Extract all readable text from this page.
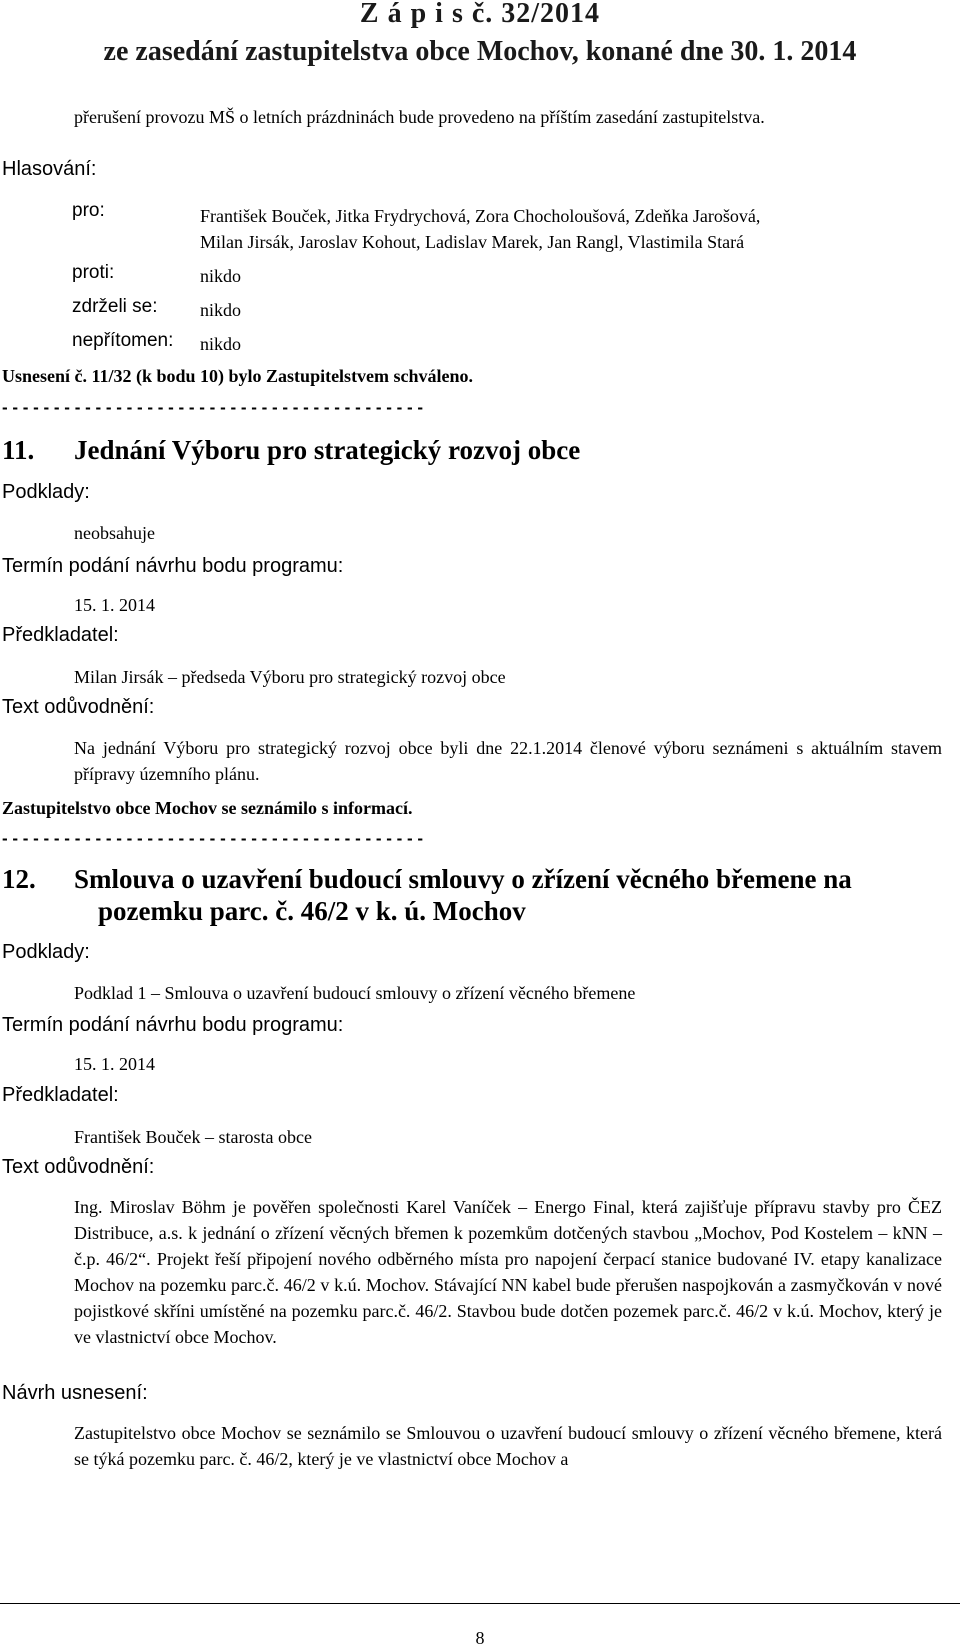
Z á p i s č. 32/2014
ze zasedání zastupitelstva obce Mochov, konané dne 30. 1. 2014
přerušení provozu MŠ o letních prázdninách bude provedeno na příštím zasedání zastupitelstva.
Hlasování:
pro:	František Bouček, Jitka Frydrychová, Zora Chocholoušová, Zdeňka Jarošová,
Milan Jirsák, Jaroslav Kohout, Ladislav Marek, Jan Rangl, Vlastimila Stará
proti:	nikdo
zdrželi se: nikdo
nepřítomen: nikdo
Usnesení č. 11/32 (k bodu 10) bylo Zastupitelstvem schváleno.
- - - - - - - - - - - - - - - - - - - - - - - - - - - - - - - - - - - - - - - - -
11. Jednání Výboru pro strategický rozvoj obce
Podklady:
neobsahuje
Termín podání návrhu bodu programu:
15. 1. 2014
Předkladatel:
Milan Jirsák – předseda Výboru pro strategický rozvoj obce
Text odůvodnění:
Na jednání Výboru pro strategický rozvoj obce byli dne 22.1.2014 členové výboru seznámeni s aktuálním stavem přípravy územního plánu.
Zastupitelstvo obce Mochov se seznámilo s informací.
- - - - - - - - - - - - - - - - - - - - - - - - - - - - - - - - - - - - - - - - -
12. Smlouva o uzavření budoucí smlouvy o zřízení věcného břemene na
pozemku parc. č. 46/2 v k. ú. Mochov
Podklady:
Podklad 1 – Smlouva o uzavření budoucí smlouvy o zřízení věcného břemene
Termín podání návrhu bodu programu:
15. 1. 2014
Předkladatel:
František Bouček – starosta obce
Text odůvodnění:
Ing. Miroslav Böhm je pověřen společnosti Karel Vaníček – Energo Final, která zajišťuje přípravu stavby pro ČEZ Distribuce, a.s. k jednání o zřízení věcných břemen k pozemkům dotčených stavbou „Mochov, Pod Kostelem – kNN – č.p. 46/2“. Projekt řeší připojení nového odběrného místa pro napojení čerpací stanice budované IV. etapy kanalizace Mochov na pozemku parc.č. 46/2 v k.ú. Mochov. Stávající NN kabel bude přerušen naspojkován a zasmyčkován v nové pojistkové skříni umístěné na pozemku parc.č. 46/2. Stavbou bude dotčen pozemek parc.č. 46/2 v k.ú. Mochov, který je ve vlastnictví obce Mochov.
Návrh usnesení:
Zastupitelstvo obce Mochov se seznámilo se Smlouvou o uzavření budoucí smlouvy o zřízení věcného břemene, která se týká pozemku parc. č. 46/2, který je ve vlastnictví obce Mochov a
8
